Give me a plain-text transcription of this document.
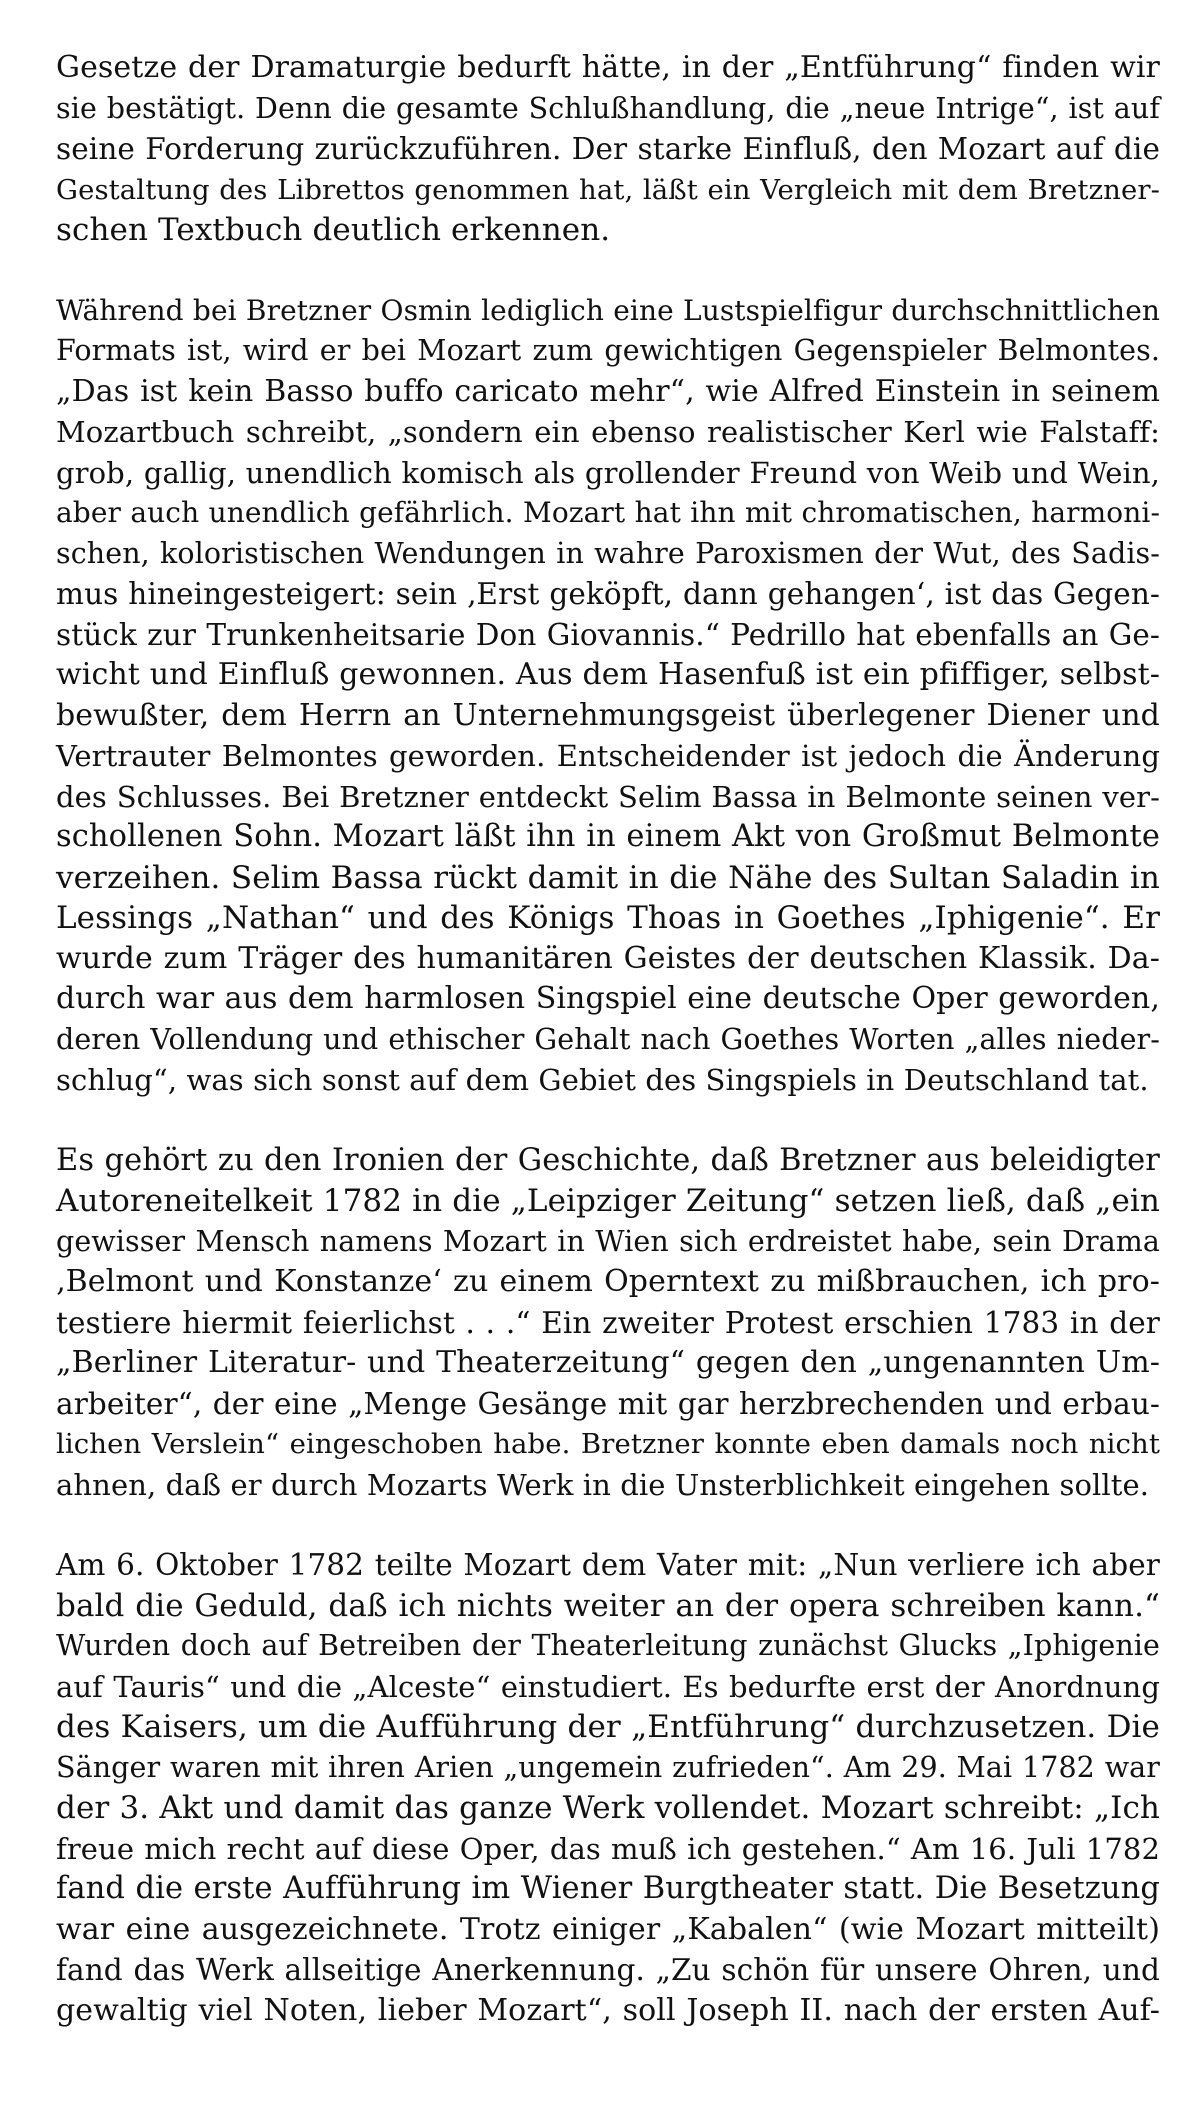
Gesetze der Dramaturgie bedurft hätte, in der „Entführung“ finden wir
sie bestätigt. Denn die gesamte Schlußhandlung, die „neue Intrige“, ist auf
seine Forderung zurückzuführen. Der starke Einfluß, den Mozart auf die
Gestaltung des Librettos genommen hat, läßt ein Vergleich mit dem Bretzner-
schen Textbuch deutlich erkennen.
Während bei Bretzner Osmin lediglich eine Lustspielfigur durchschnittlichen
Formats ist, wird er bei Mozart zum gewichtigen Gegenspieler Belmontes.
„Das ist kein Basso buffo caricato mehr“, wie Alfred Einstein in seinem
Mozartbuch schreibt, „sondern ein ebenso realistischer Kerl wie Falstaff:
grob, gallig, unendlich komisch als grollender Freund von Weib und Wein,
aber auch unendlich gefährlich. Mozart hat ihn mit chromatischen, harmoni-
schen, koloristischen Wendungen in wahre Paroxismen der Wut, des Sadis-
mus hineingesteigert: sein ‚Erst geköpft, dann gehangen‘, ist das Gegen-
stück zur Trunkenheitsarie Don Giovannis.“ Pedrillo hat ebenfalls an Ge-
wicht und Einfluß gewonnen. Aus dem Hasenfuß ist ein pfiffiger, selbst-
bewußter, dem Herrn an Unternehmungsgeist überlegener Diener und
Vertrauter Belmontes geworden. Entscheidender ist jedoch die Änderung
des Schlusses. Bei Bretzner entdeckt Selim Bassa in Belmonte seinen ver-
schollenen Sohn. Mozart läßt ihn in einem Akt von Großmut Belmonte
verzeihen. Selim Bassa rückt damit in die Nähe des Sultan Saladin in
Lessings „Nathan“ und des Königs Thoas in Goethes „Iphigenie“. Er
wurde zum Träger des humanitären Geistes der deutschen Klassik. Da-
durch war aus dem harmlosen Singspiel eine deutsche Oper geworden,
deren Vollendung und ethischer Gehalt nach Goethes Worten „alles nieder-
schlug“, was sich sonst auf dem Gebiet des Singspiels in Deutschland tat.
Es gehört zu den Ironien der Geschichte, daß Bretzner aus beleidigter
Autoreneitelkeit 1782 in die „Leipziger Zeitung“ setzen ließ, daß „ein
gewisser Mensch namens Mozart in Wien sich erdreistet habe, sein Drama
‚Belmont und Konstanze‘ zu einem Operntext zu mißbrauchen, ich pro-
testiere hiermit feierlichst . . .“ Ein zweiter Protest erschien 1783 in der
„Berliner Literatur- und Theaterzeitung“ gegen den „ungenannten Um-
arbeiter“, der eine „Menge Gesänge mit gar herzbrechenden und erbau-
lichen Verslein“ eingeschoben habe. Bretzner konnte eben damals noch nicht
ahnen, daß er durch Mozarts Werk in die Unsterblichkeit eingehen sollte.
Am 6. Oktober 1782 teilte Mozart dem Vater mit: „Nun verliere ich aber
bald die Geduld, daß ich nichts weiter an der opera schreiben kann.“
Wurden doch auf Betreiben der Theaterleitung zunächst Glucks „Iphigenie
auf Tauris“ und die „Alceste“ einstudiert. Es bedurfte erst der Anordnung
des Kaisers, um die Aufführung der „Entführung“ durchzusetzen. Die
Sänger waren mit ihren Arien „ungemein zufrieden“. Am 29. Mai 1782 war
der 3. Akt und damit das ganze Werk vollendet. Mozart schreibt: „Ich
freue mich recht auf diese Oper, das muß ich gestehen.“ Am 16. Juli 1782
fand die erste Aufführung im Wiener Burgtheater statt. Die Besetzung
war eine ausgezeichnete. Trotz einiger „Kabalen“ (wie Mozart mitteilt)
fand das Werk allseitige Anerkennung. „Zu schön für unsere Ohren, und
gewaltig viel Noten, lieber Mozart“, soll Joseph II. nach der ersten Auf-
